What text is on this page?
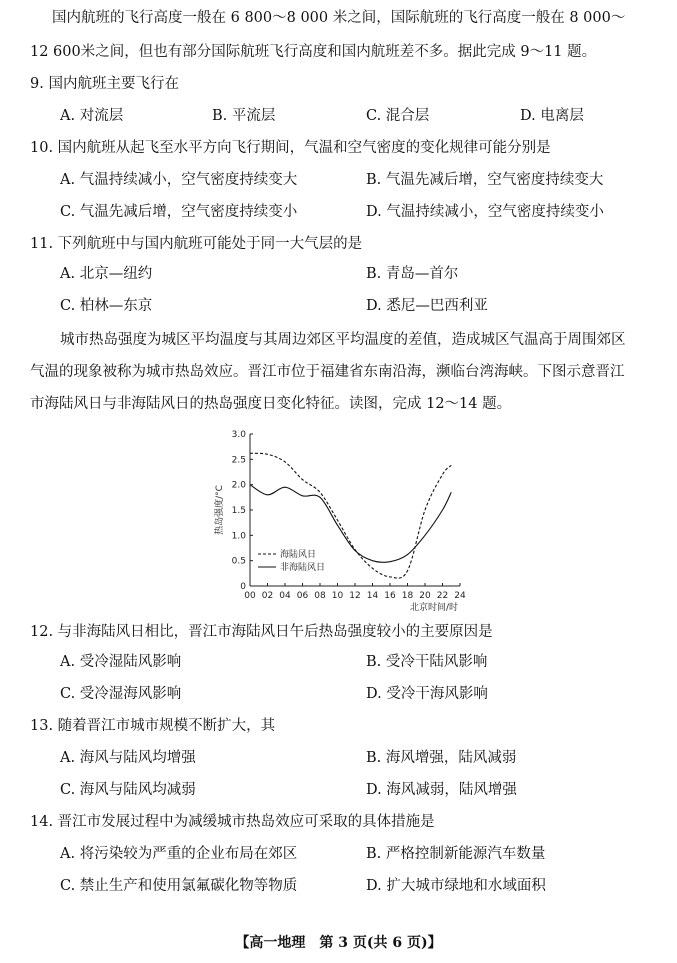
国内航班的飞行高度一般在 6 800～8 000 米之间，国际航班的飞行高度一般在 8 000～
12 600米之间，但也有部分国际航班飞行高度和国内航班差不多。据此完成 9～11 题。
9. 国内航班主要飞行在
A. 对流层	B. 平流层	C. 混合层	D. 电离层
10. 国内航班从起飞至水平方向飞行期间，气温和空气密度的变化规律可能分别是
A. 气温持续减小，空气密度持续变大	B. 气温先减后增，空气密度持续变大
C. 气温先减后增，空气密度持续变小	D. 气温持续减小，空气密度持续变小
11. 下列航班中与国内航班可能处于同一大气层的是
A. 北京—纽约	B. 青岛—首尔
C. 柏林—东京	D. 悉尼—巴西利亚
城市热岛强度为城区平均温度与其周边郊区平均温度的差值，造成城区气温高于周围郊区
气温的现象被称为城市热岛效应。晋江市位于福建省东南沿海，濒临台湾海峡。下图示意晋江
市海陆风日与非海陆风日的热岛强度日变化特征。读图，完成 12～14 题。
0
0.5
1.0
1.5
2.0
2.5
3.0
00 02 04 06 08 10 12 14 16 18 20 22 24
热岛强度/°C
北京时间/时
海陆风日
非海陆风日
12. 与非海陆风日相比，晋江市海陆风日午后热岛强度较小的主要原因是
A. 受冷湿陆风影响	B. 受冷干陆风影响
C. 受冷湿海风影响	D. 受冷干海风影响
13. 随着晋江市城市规模不断扩大，其
A. 海风与陆风均增强	B. 海风增强，陆风减弱
C. 海风与陆风均减弱	D. 海风减弱，陆风增强
14. 晋江市发展过程中为减缓城市热岛效应可采取的具体措施是
A. 将污染较为严重的企业布局在郊区	B. 严格控制新能源汽车数量
C. 禁止生产和使用氯氟碳化物等物质	D. 扩大城市绿地和水域面积
【高一地理　第 3 页(共 6 页)】
